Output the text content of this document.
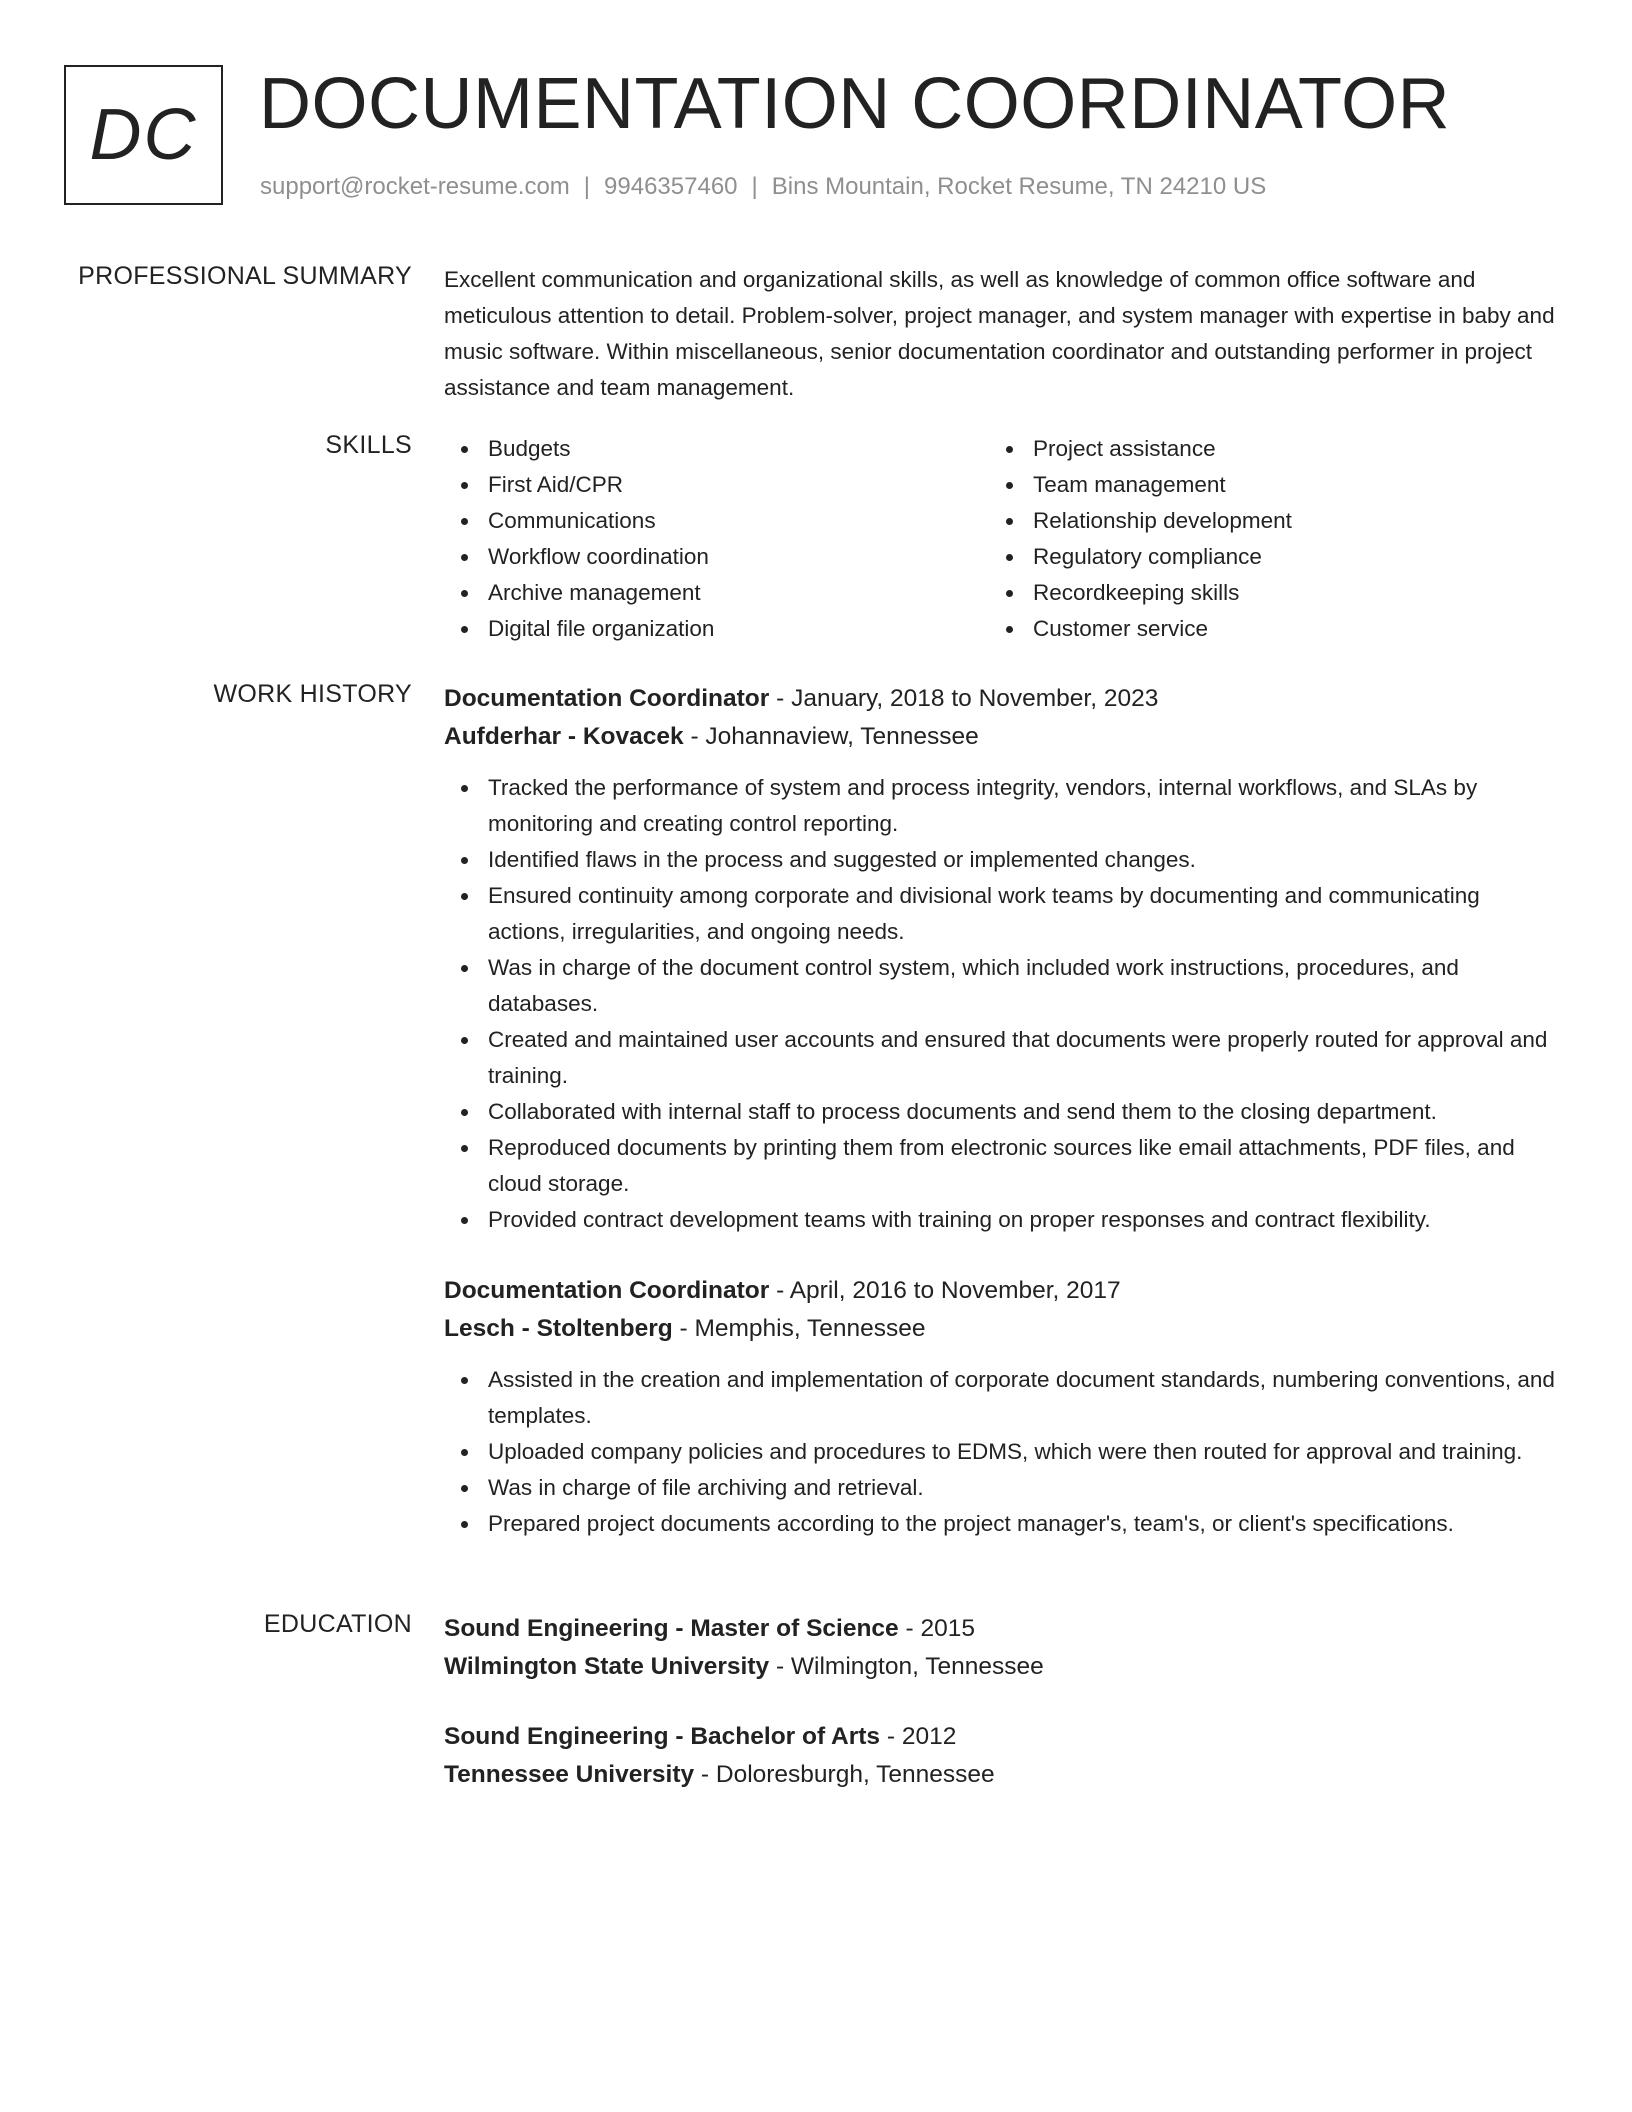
DC DOCUMENTATION COORDINATOR
support@rocket-resume.com | 9946357460 | Bins Mountain, Rocket Resume, TN 24210 US
PROFESSIONAL SUMMARY Excellent communication and organizational skills, as well as knowledge of common office software and meticulous attention to detail. Problem-solver, project manager, and system manager with expertise in baby and music software. Within miscellaneous, senior documentation coordinator and outstanding performer in project assistance and team management.

SKILLS	Budgets
First Aid/CPR
Communications
Workflow coordination
Archive management
Digital file organization
Project assistance
Team management
Relationship development
Regulatory compliance
Recordkeeping skills
Customer service
WORK HISTORY Documentation Coordinator - January, 2018 to November, 2023
Aufderhar - Kovacek - Johannaview, Tennessee
Tracked the performance of system and process integrity, vendors, internal workflows, and SLAs by monitoring and creating control reporting.
Identified flaws in the process and suggested or implemented changes.
Ensured continuity among corporate and divisional work teams by documenting and communicating actions, irregularities, and ongoing needs.
Was in charge of the document control system, which included work instructions, procedures, and databases.
Created and maintained user accounts and ensured that documents were properly routed for approval and training.
Collaborated with internal staff to process documents and send them to the closing department.
Reproduced documents by printing them from electronic sources like email attachments, PDF files, and cloud storage.
Provided contract development teams with training on proper responses and contract flexibility.
Documentation Coordinator - April, 2016 to November, 2017
Lesch - Stoltenberg - Memphis, Tennessee
Assisted in the creation and implementation of corporate document standards, numbering conventions, and templates.
Uploaded company policies and procedures to EDMS, which were then routed for approval and training.
Was in charge of file archiving and retrieval.
Prepared project documents according to the project manager's, team's, or client's specifications.
EDUCATION Sound Engineering - Master of Science - 2015
Wilmington State University - Wilmington, Tennessee
Sound Engineering - Bachelor of Arts - 2012
Tennessee University - Doloresburgh, Tennessee
